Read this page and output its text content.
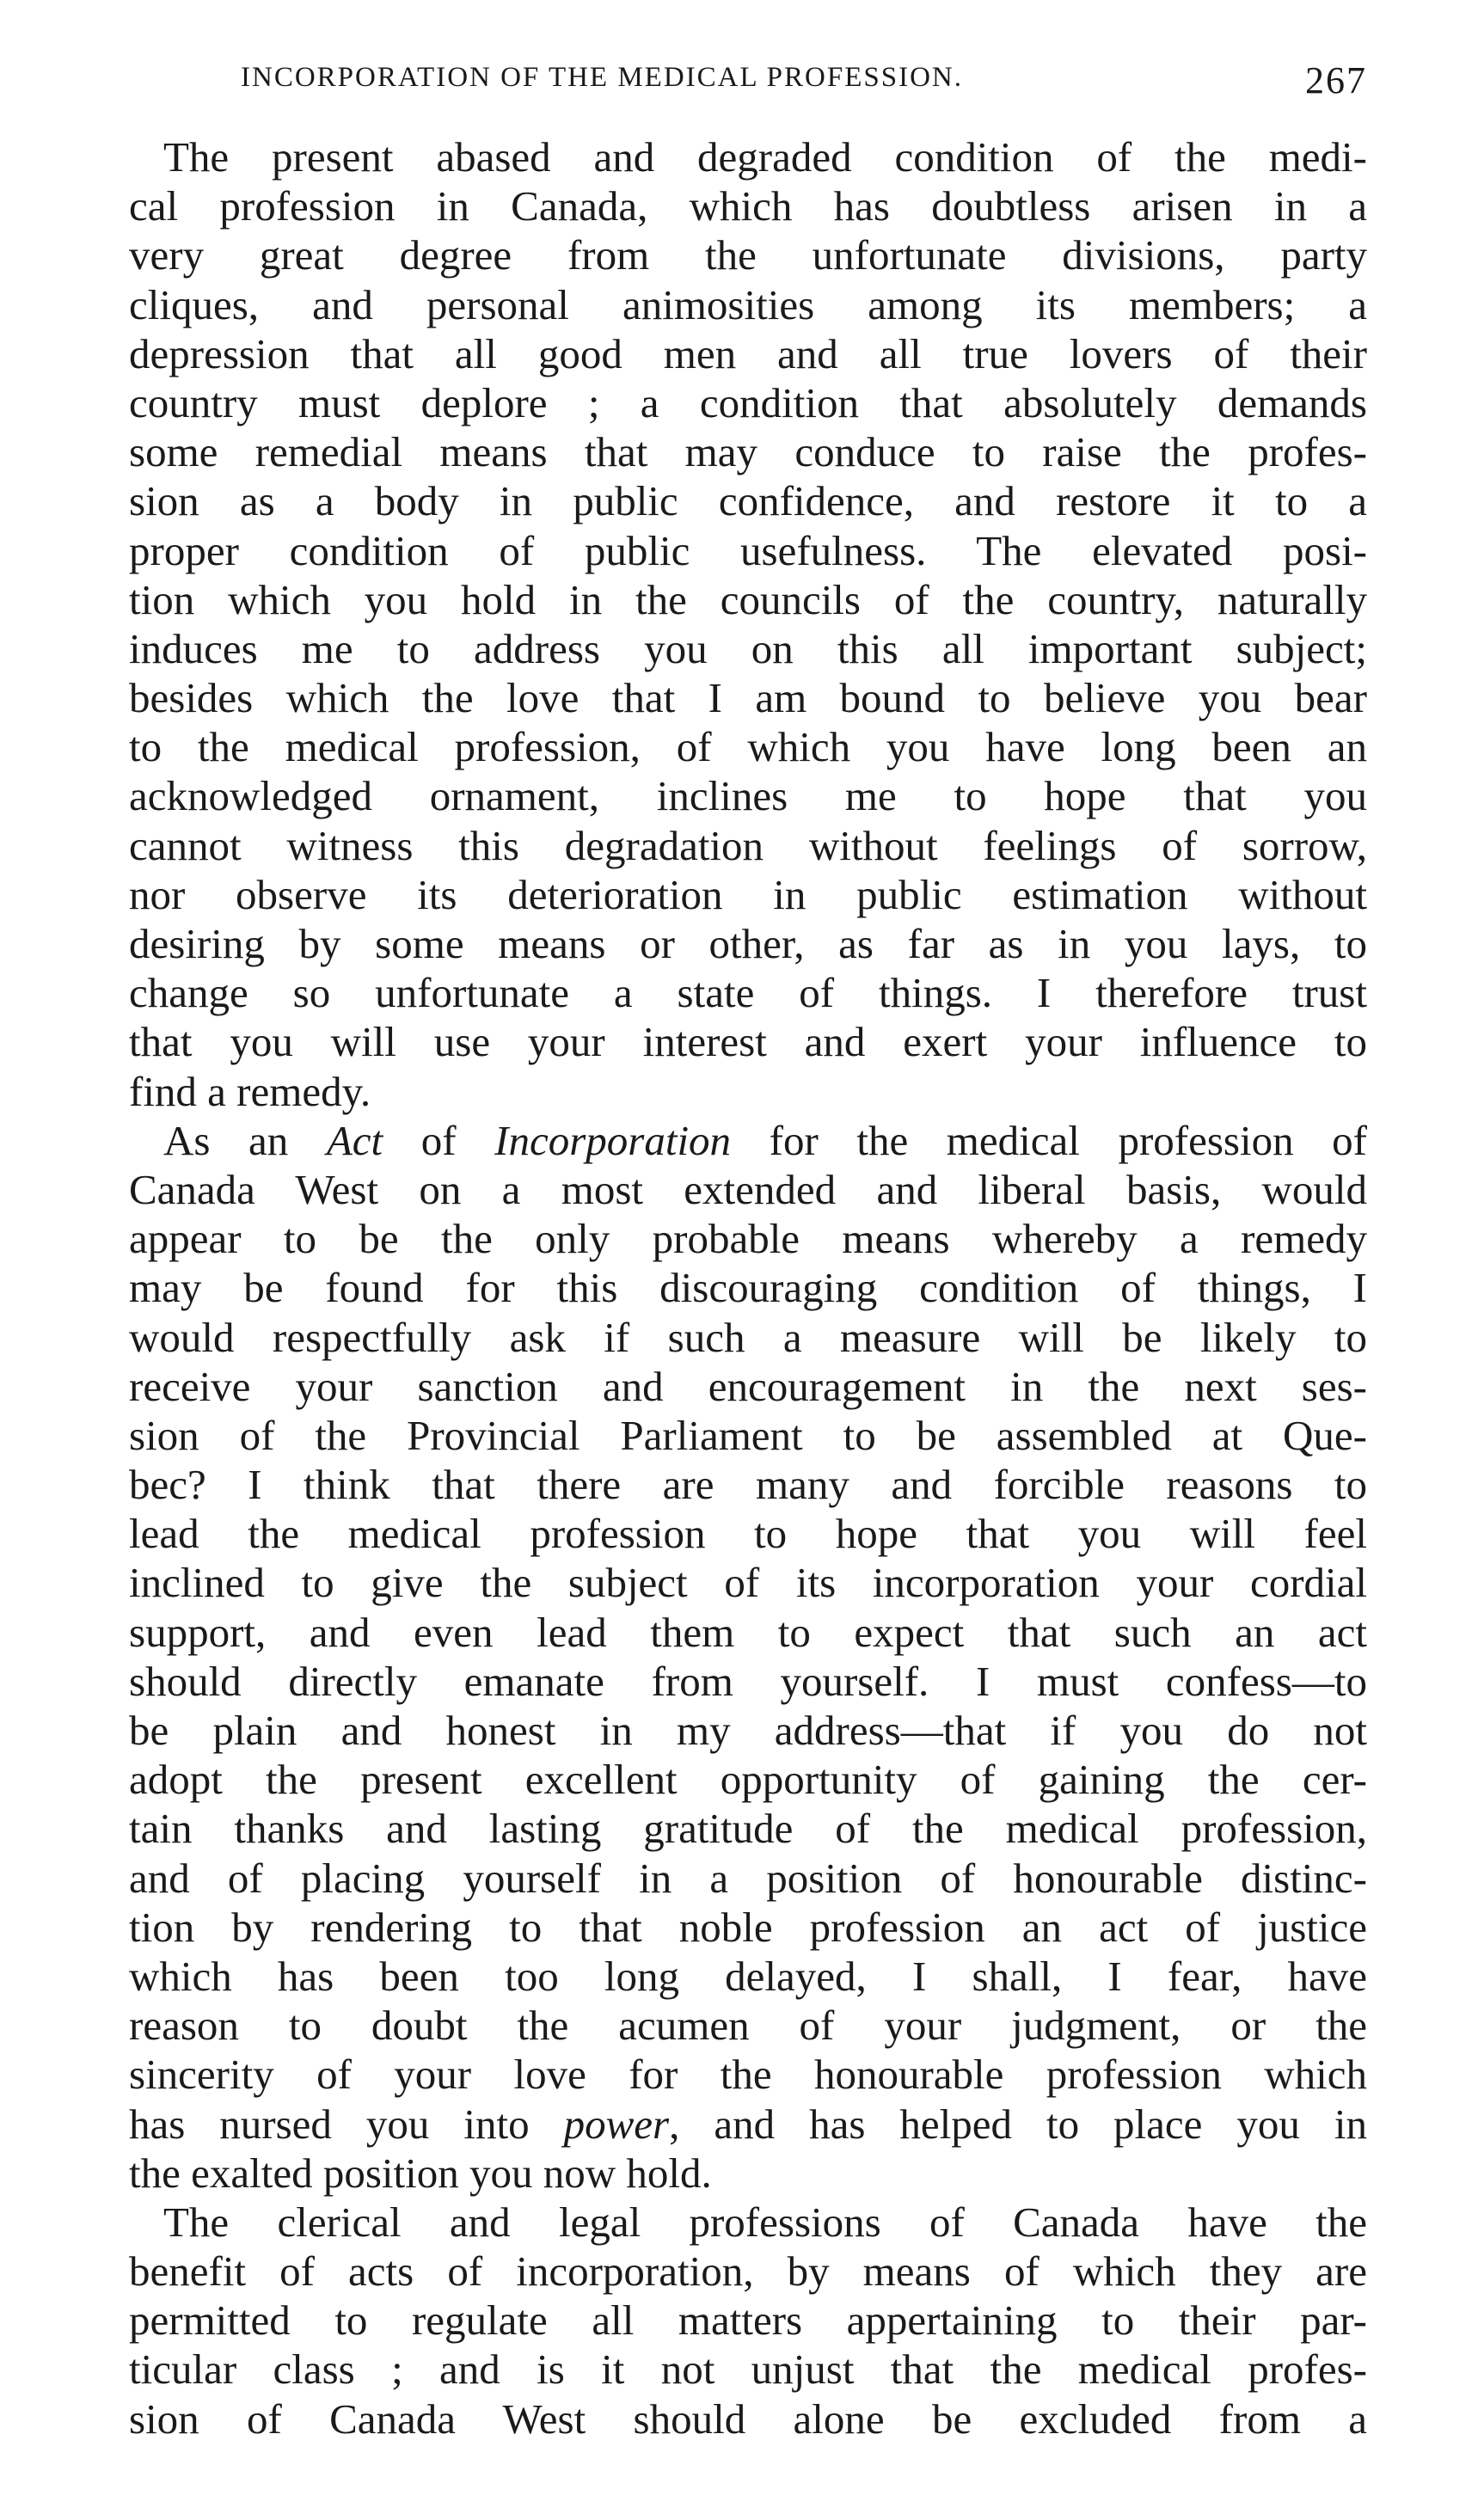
INCORPORATION OF THE MEDICAL PROFESSION.	267
The present abased and degraded condition of the medi-
cal profession in Canada, which has doubtless arisen in a
very great degree from the unfortunate divisions, party
cliques, and personal animosities among its members; a
depression that all good men and all true lovers of their
country must deplore ; a condition that absolutely demands
some remedial means that may conduce to raise the profes-
sion as a body in public confidence, and restore it to a
proper condition of public usefulness. The elevated posi-
tion which you hold in the councils of the country, naturally
induces me to address you on this all important subject;
besides which the love that I am bound to believe you bear
to the medical profession, of which you have long been an
acknowledged ornament, inclines me to hope that you
cannot witness this degradation without feelings of sorrow,
nor observe its deterioration in public estimation without
desiring by some means or other, as far as in you lays, to
change so unfortunate a state of things. I therefore trust
that you will use your interest and exert your influence to
find a remedy.
As an Act of Incorporation for the medical profession of
Canada West on a most extended and liberal basis, would
appear to be the only probable means whereby a remedy
may be found for this discouraging condition of things, I
would respectfully ask if such a measure will be likely to
receive your sanction and encouragement in the next ses-
sion of the Provincial Parliament to be assembled at Que-
bec? I think that there are many and forcible reasons to
lead the medical profession to hope that you will feel
inclined to give the subject of its incorporation your cordial
support, and even lead them to expect that such an act
should directly emanate from yourself. I must confess—to
be plain and honest in my address—that if you do not
adopt the present excellent opportunity of gaining the cer-
tain thanks and lasting gratitude of the medical profession,
and of placing yourself in a position of honourable distinc-
tion by rendering to that noble profession an act of justice
which has been too long delayed, I shall, I fear, have
reason to doubt the acumen of your judgment, or the
sincerity of your love for the honourable profession which
has nursed you into power, and has helped to place you in
the exalted position you now hold.
The clerical and legal professions of Canada have the
benefit of acts of incorporation, by means of which they are
permitted to regulate all matters appertaining to their par-
ticular class ; and is it not unjust that the medical profes-
sion of Canada West should alone be excluded from a
